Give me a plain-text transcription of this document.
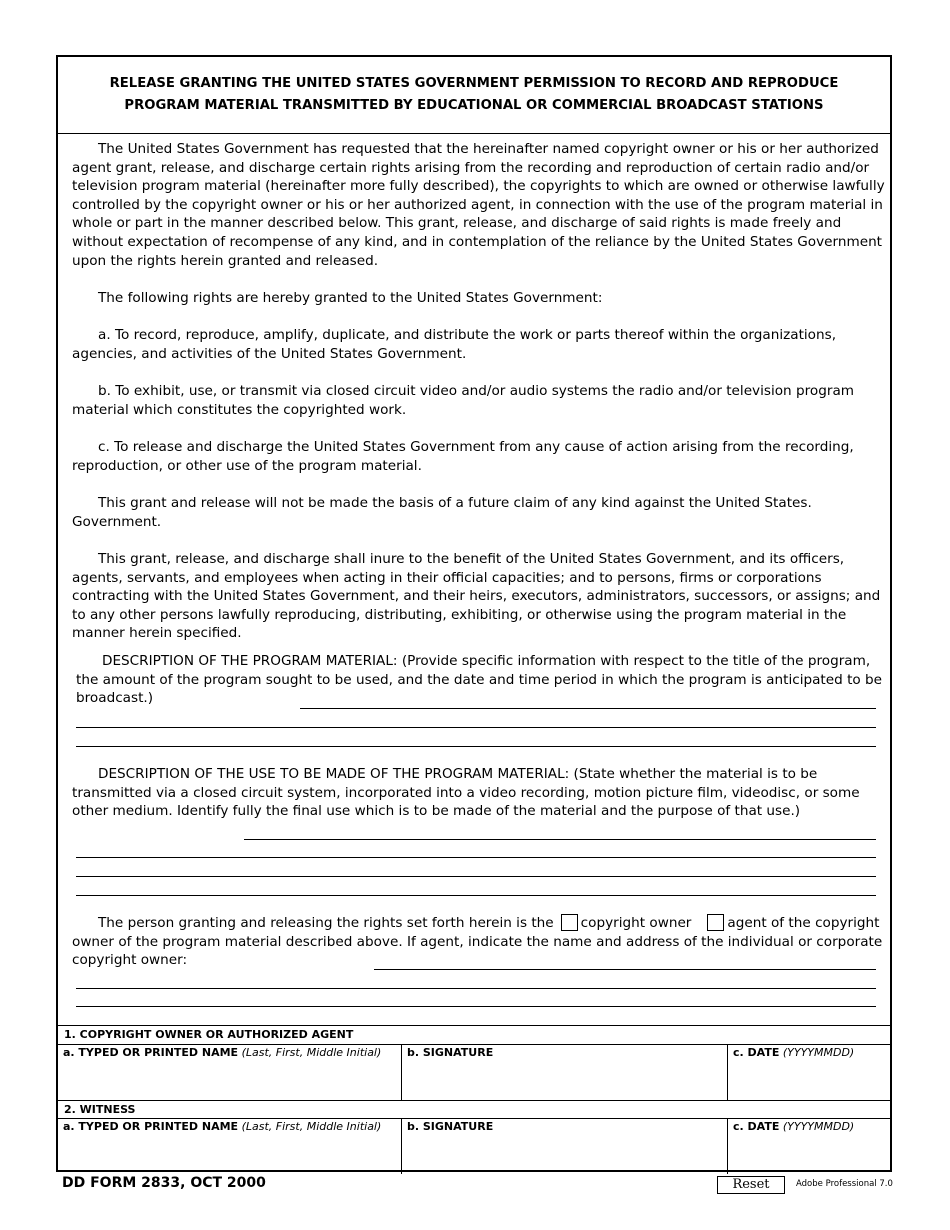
RELEASE GRANTING THE UNITED STATES GOVERNMENT PERMISSION TO RECORD AND REPRODUCE
PROGRAM MATERIAL TRANSMITTED BY EDUCATIONAL OR COMMERCIAL BROADCAST STATIONS
The United States Government has requested that the hereinafter named copyright owner or his or her authorized agent grant, release, and discharge certain rights arising from the recording and reproduction of certain radio and/or television program material (hereinafter more fully described), the copyrights to which are owned or otherwise lawfully controlled by the copyright owner or his or her authorized agent, in connection with the use of the program material in whole or part in the manner described below. This grant, release, and discharge of said rights is made freely and without expectation of recompense of any kind, and in contemplation of the reliance by the United States Government upon the rights herein granted and released.
The following rights are hereby granted to the United States Government:
a. To record, reproduce, amplify, duplicate, and distribute the work or parts thereof within the organizations, agencies, and activities of the United States Government.
b. To exhibit, use, or transmit via closed circuit video and/or audio systems the radio and/or television program material which constitutes the copyrighted work.
c. To release and discharge the United States Government from any cause of action arising from the recording, reproduction, or other use of the program material.
This grant and release will not be made the basis of a future claim of any kind against the United States. Government.
This grant, release, and discharge shall inure to the benefit of the United States Government, and its officers, agents, servants, and employees when acting in their official capacities; and to persons, firms or corporations contracting with the United States Government, and their heirs, executors, administrators, successors, or assigns; and to any other persons lawfully reproducing, distributing, exhibiting, or otherwise using the program material in the manner herein specified.
DESCRIPTION OF THE PROGRAM MATERIAL: (Provide specific information with respect to the title of the program, the amount of the program sought to be used, and the date and time period in which the program is anticipated to be broadcast.)
DESCRIPTION OF THE USE TO BE MADE OF THE PROGRAM MATERIAL: (State whether the material is to be transmitted via a closed circuit system, incorporated into a video recording, motion picture film, videodisc, or some other medium. Identify fully the final use which is to be made of the material and the purpose of that use.)
The person granting and releasing the rights set forth herein is the copyright owner	agent of the copyright owner of the program material described above. If agent, indicate the name and address of the individual or corporate copyright owner:
1. COPYRIGHT OWNER OR AUTHORIZED AGENT
a. TYPED OR PRINTED NAME (Last, First, Middle Initial)	b. SIGNATURE	c. DATE (YYYYMMDD)
2. WITNESS
a. TYPED OR PRINTED NAME (Last, First, Middle Initial)	b. SIGNATURE	c. DATE (YYYYMMDD)
DD FORM 2833, OCT 2000	Reset	Adobe Professional 7.0
